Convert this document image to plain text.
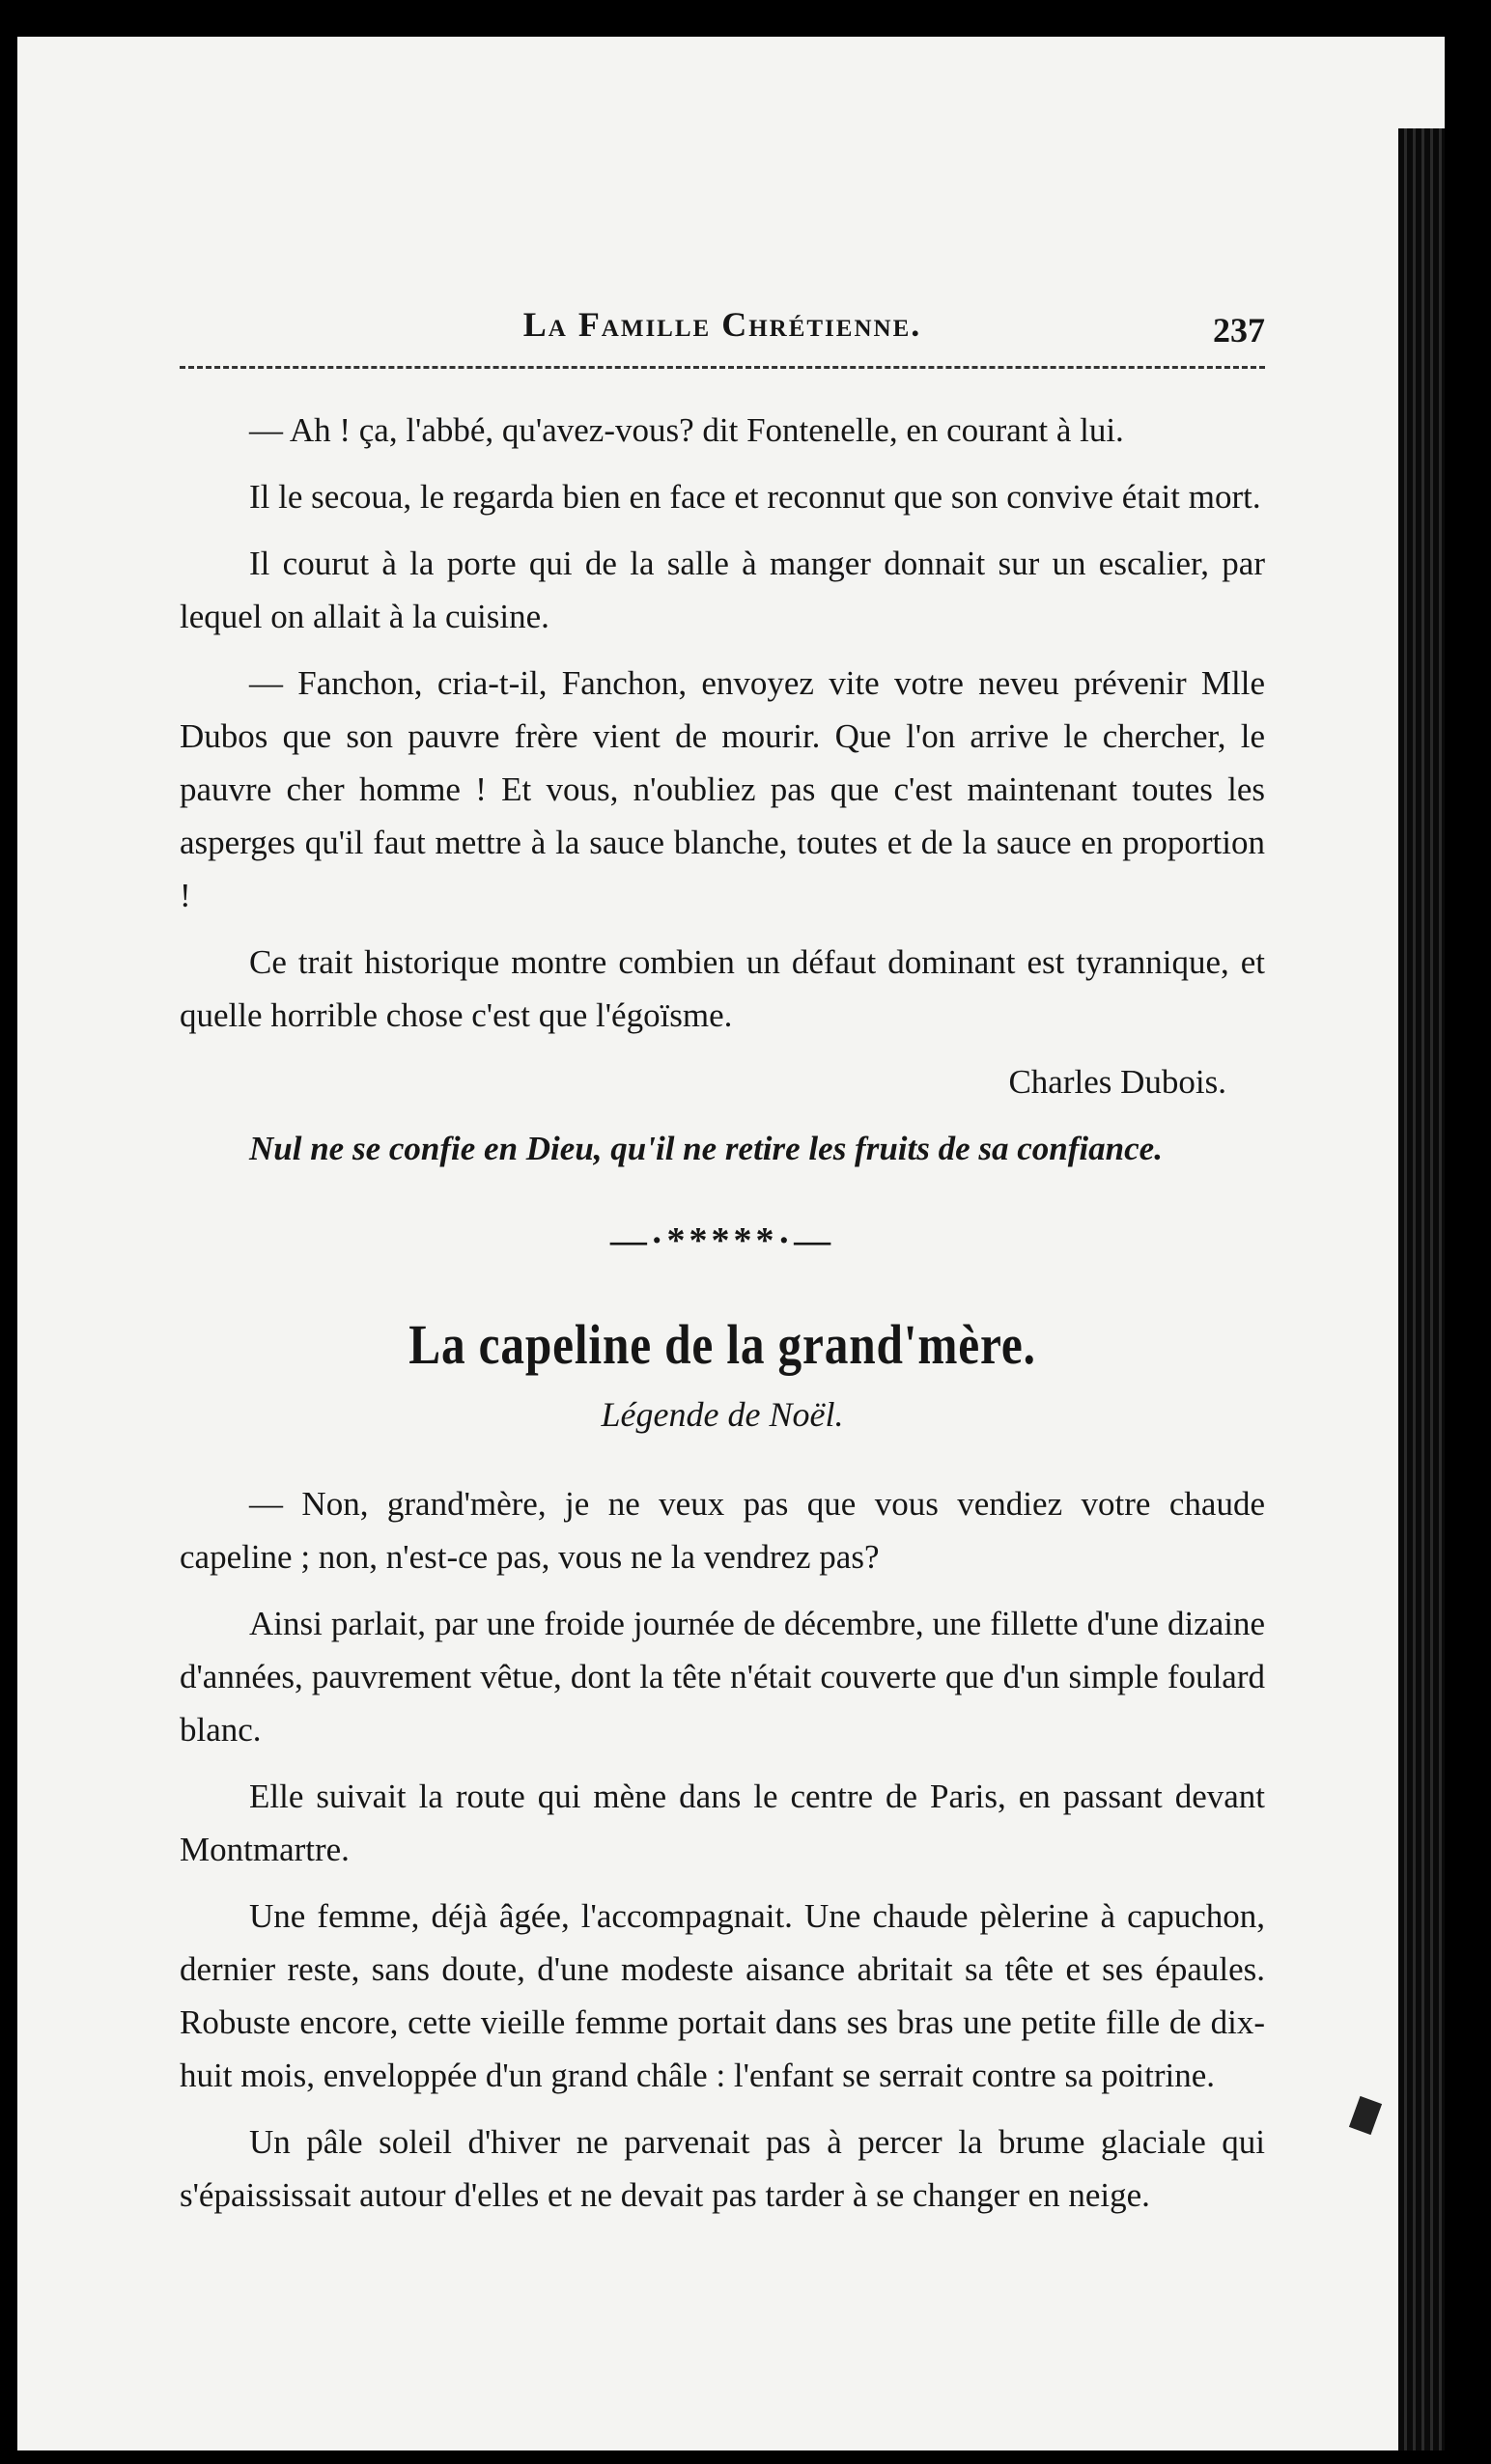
La Famille Chrétienne.	237

— Ah ! ça, l'abbé, qu'avez-vous? dit Fontenelle, en courant à lui.

Il le secoua, le regarda bien en face et reconnut que son convive était mort.

Il courut à la porte qui de la salle à manger donnait sur un escalier, par lequel on allait à la cuisine.

— Fanchon, cria-t-il, Fanchon, envoyez vite votre neveu prévenir Mlle Dubos que son pauvre frère vient de mourir. Que l'on arrive le chercher, le pauvre cher homme ! Et vous, n'oubliez pas que c'est maintenant toutes les asperges qu'il faut mettre à la sauce blanche, toutes et de la sauce en proportion !

Ce trait historique montre combien un défaut dominant est tyrannique, et quelle horrible chose c'est que l'égoïsme.

Charles Dubois.

Nul ne se confie en Dieu, qu'il ne retire les fruits de sa confiance.

—·*****·—
La capeline de la grand'mère.
Légende de Noël.

— Non, grand'mère, je ne veux pas que vous vendiez votre chaude capeline ; non, n'est-ce pas, vous ne la vendrez pas?

Ainsi parlait, par une froide journée de décembre, une fillette d'une dizaine d'années, pauvrement vêtue, dont la tête n'était couverte que d'un simple foulard blanc.

Elle suivait la route qui mène dans le centre de Paris, en passant devant Montmartre.

Une femme, déjà âgée, l'accompagnait. Une chaude pèlerine à capuchon, dernier reste, sans doute, d'une modeste aisance abritait sa tête et ses épaules. Robuste encore, cette vieille femme portait dans ses bras une petite fille de dix-huit mois, enveloppée d'un grand châle : l'enfant se serrait contre sa poitrine.

Un pâle soleil d'hiver ne parvenait pas à percer la brume glaciale qui s'épaississait autour d'elles et ne devait pas tarder à se changer en neige.
